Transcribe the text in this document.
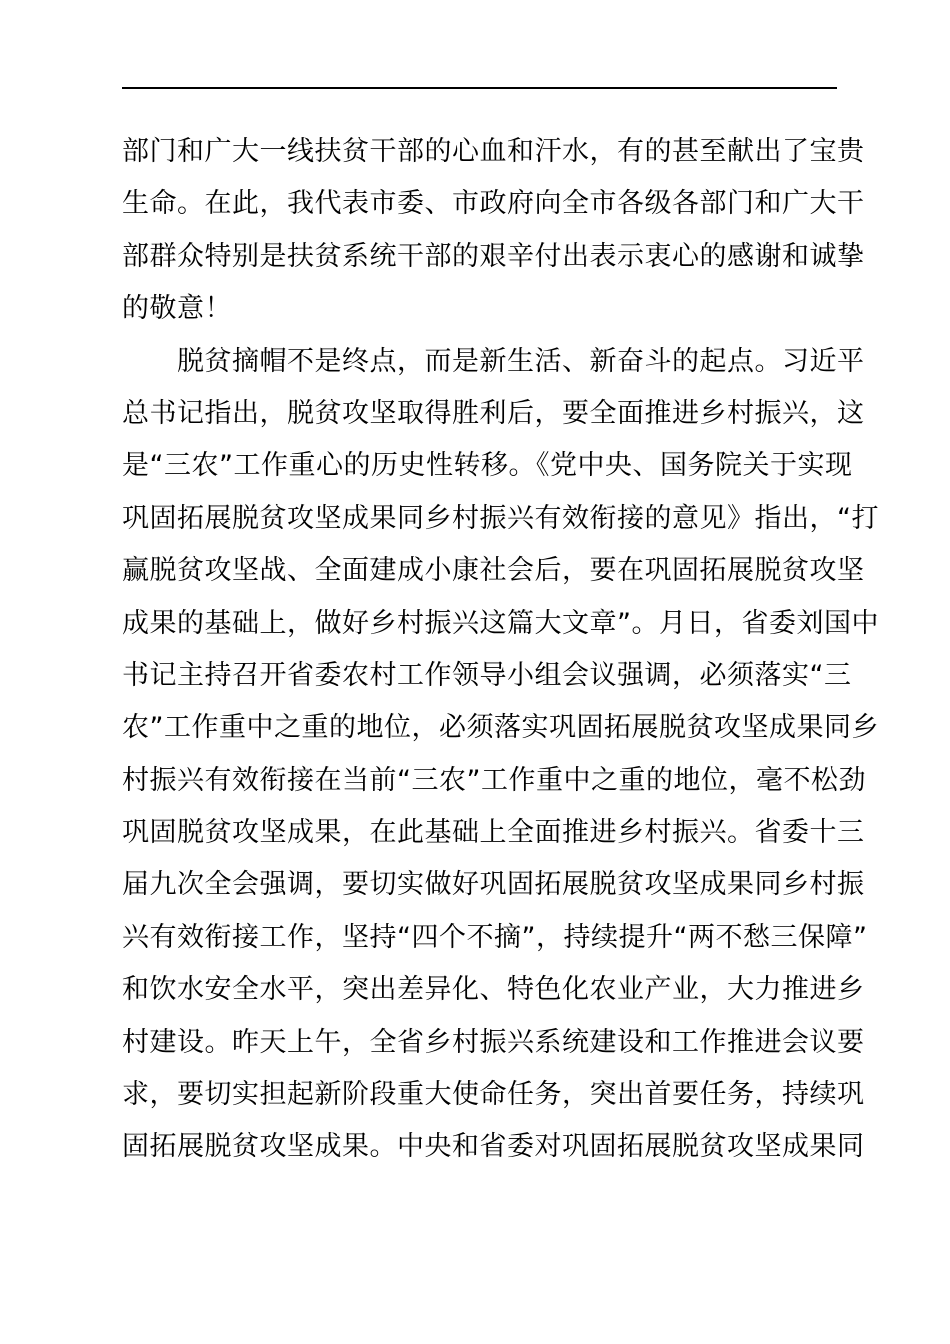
部门和广大一线扶贫干部的心血和汗水，有的甚至献出了宝贵
生命。在此，我代表市委、市政府向全市各级各部门和广大干
部群众特别是扶贫系统干部的艰辛付出表示衷心的感谢和诚挚
的敬意！
　　脱贫摘帽不是终点，而是新生活、新奋斗的起点。习近平
总书记指出，脱贫攻坚取得胜利后，要全面推进乡村振兴，这
是“三农”工作重心的历史性转移。《党中央、国务院关于实现
巩固拓展脱贫攻坚成果同乡村振兴有效衔接的意见》指出，“打
赢脱贫攻坚战、全面建成小康社会后，要在巩固拓展脱贫攻坚
成果的基础上，做好乡村振兴这篇大文章”。月日，省委刘国中
书记主持召开省委农村工作领导小组会议强调，必须落实“三
农”工作重中之重的地位，必须落实巩固拓展脱贫攻坚成果同乡
村振兴有效衔接在当前“三农”工作重中之重的地位，毫不松劲
巩固脱贫攻坚成果，在此基础上全面推进乡村振兴。省委十三
届九次全会强调，要切实做好巩固拓展脱贫攻坚成果同乡村振
兴有效衔接工作，坚持“四个不摘”，持续提升“两不愁三保障”
和饮水安全水平，突出差异化、特色化农业产业，大力推进乡
村建设。昨天上午，全省乡村振兴系统建设和工作推进会议要
求，要切实担起新阶段重大使命任务，突出首要任务，持续巩
固拓展脱贫攻坚成果。中央和省委对巩固拓展脱贫攻坚成果同
